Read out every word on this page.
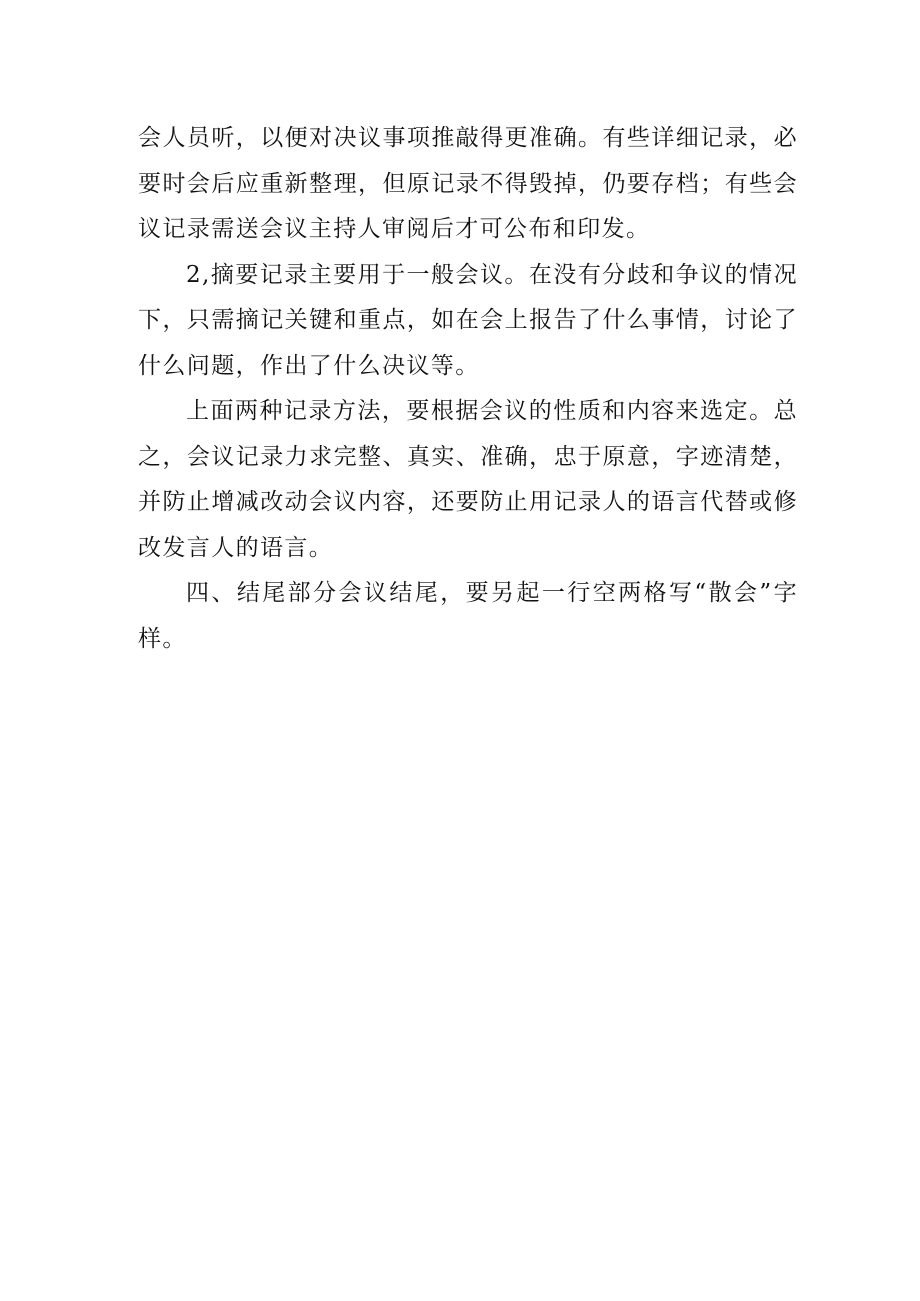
会人员听，以便对决议事项推敲得更准确。有些详细记录，必要时会后应重新整理，但原记录不得毁掉，仍要存档；有些会议记录需送会议主持人审阅后才可公布和印发。

2,摘要记录主要用于一般会议。在没有分歧和争议的情况下，只需摘记关键和重点，如在会上报告了什么事情，讨论了什么问题，作出了什么决议等。

上面两种记录方法，要根据会议的性质和内容来选定。总之，会议记录力求完整、真实、准确，忠于原意，字迹清楚，并防止增减改动会议内容，还要防止用记录人的语言代替或修改发言人的语言。

四、结尾部分会议结尾，要另起一行空两格写“散会”字样。
